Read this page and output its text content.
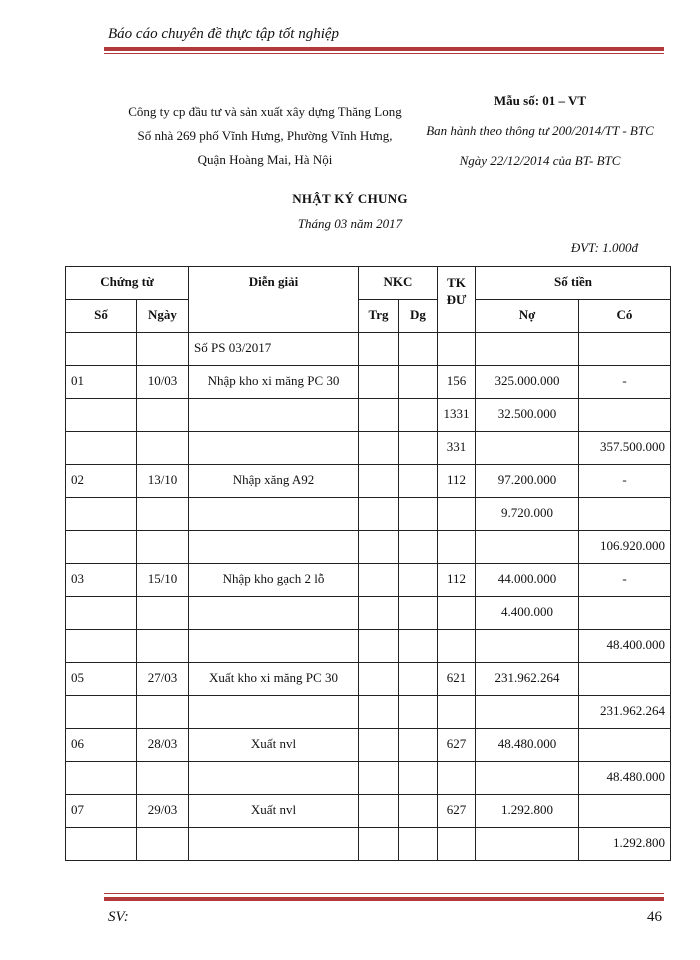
Báo cáo chuyên đề thực tập tốt nghiệp
Công ty cp đầu tư và sản xuất xây dựng Thăng Long
Số nhà 269 phố Vĩnh Hưng, Phường Vĩnh Hưng,
Quận Hoàng Mai, Hà Nội
Mẫu số: 01 – VT
Ban hành theo thông tư 200/2014/TT - BTC
Ngày 22/12/2014 của BT- BTC
NHẬT KÝ CHUNG
Tháng 03 năm 2017
ĐVT: 1.000đ
Chứng từ		Diễn giải	NKC		TK
ĐƯ	Số tiền	
Số	Ngày		Trg	Dg		Nợ	Có
		Số PS 03/2017					
01	10/03	Nhập kho xi măng PC 30			156	325.000.000	-
					1331	32.500.000	
					331		357.500.000
02	13/10	Nhập xăng A92			112	97.200.000	-
						9.720.000	
							106.920.000
03	15/10	Nhập kho gạch 2 lỗ			112	44.000.000	-
						4.400.000	
							48.400.000
05	27/03	Xuất kho xi măng PC 30			621	231.962.264	
							231.962.264
06	28/03	Xuất nvl			627	48.480.000	
							48.480.000
07	29/03	Xuất nvl			627	1.292.800	
							1.292.800
SV:	46
